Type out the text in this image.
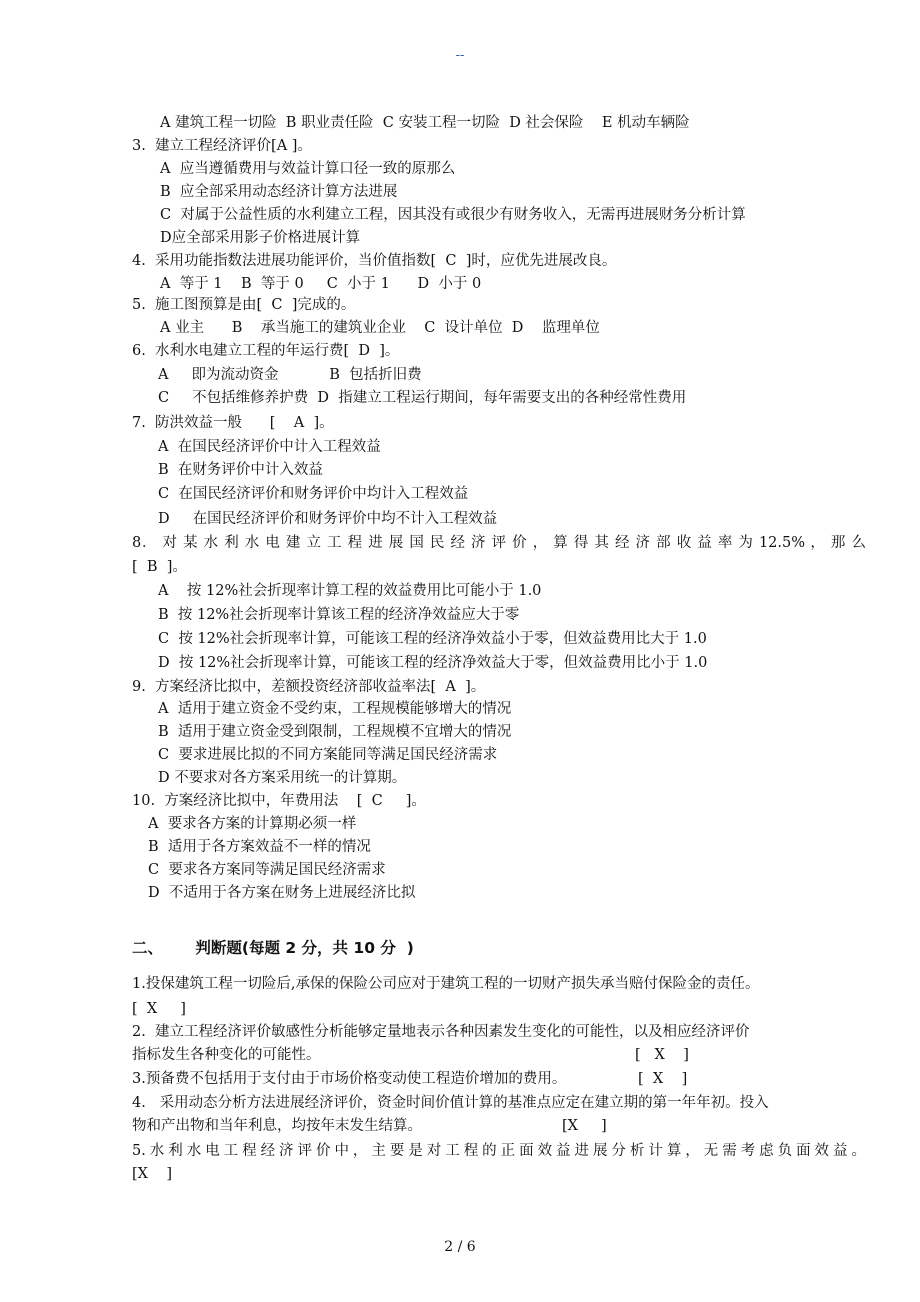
--
A 建筑工程一切险  B 职业责任险  C 安装工程一切险  D 社会保险    E 机动车辆险
3.  建立工程经济评价[A ]。
A  应当遵循费用与效益计算口径一致的原那么
B  应全部采用动态经济计算方法进展
C  对属于公益性质的水利建立工程，因其没有或很少有财务收入，无需再进展财务分析计算
D应全部采用影子价格进展计算
4.  采用功能指数法进展功能评价，当价值指数[  C  ]时，应优先进展改良。
A  等于 1    B  等于 0     C  小于 1      D  小于 0
5.  施工图预算是由[  C  ]完成的。
A 业主      B    承当施工的建筑业企业    C  设计单位  D    监理单位
6.  水利水电建立工程的年运行费[  D  ]。
A     即为流动资金           B  包括折旧费
C     不包括维修养护费  D  指建立工程运行期间，每年需要支出的各种经常性费用
7.  防洪效益一般      [    A  ]。
A  在国民经济评价中计入工程效益
B  在财务评价中计入效益
C  在国民经济评价和财务评价中均计入工程效益
D     在国民经济评价和财务评价中均不计入工程效益
8． 对 某 水 利 水 电 建 立 工 程 进 展 国 民 经 济 评 价 ， 算 得 其 经 济 部 收 益 率 为 12.5% ， 那 么
[  B  ]。
A    按 12%社会折现率计算工程的效益费用比可能小于 1.0
B  按 12%社会折现率计算该工程的经济净效益应大于零
C  按 12%社会折现率计算，可能该工程的经济净效益小于零，但效益费用比大于 1.0
D  按 12%社会折现率计算，可能该工程的经济净效益大于零，但效益费用比小于 1.0
9.  方案经济比拟中，差额投资经济部收益率法[  A  ]。
A  适用于建立资金不受约束，工程规模能够增大的情况
B  适用于建立资金受到限制，工程规模不宜增大的情况
C  要求进展比拟的不同方案能同等满足国民经济需求
D 不要求对各方案采用统一的计算期。
10.  方案经济比拟中，年费用法    [  C     ]。
A  要求各方案的计算期必须一样
B  适用于各方案效益不一样的情况
C  要求各方案同等满足国民经济需求
D  不适用于各方案在财务上进展经济比拟
二、      判断题(每题 2 分，共 10 分  )
1.投保建筑工程一切险后,承保的保险公司应对于建筑工程的一切财产损失承当赔付保险金的责任。
[  X     ]
2.  建立工程经济评价敏感性分析能够定量地表示各种因素发生变化的可能性，以及相应经济评价
指标发生各种变化的可能性。	[   X    ]
3.预备费不包括用于支付由于市场价格变动使工程造价增加的费用。	[  X    ]
4.   采用动态分析方法进展经济评价，资金时间价值计算的基准点应定在建立期的第一年年初。投入
物和产出物和当年利息，均按年末发生结算。	[X     ]
5.水利水电工程经济评价中，主要是对工程的正面效益进展分析计算，无需考虑负面效益。
[X    ]
2 / 6
